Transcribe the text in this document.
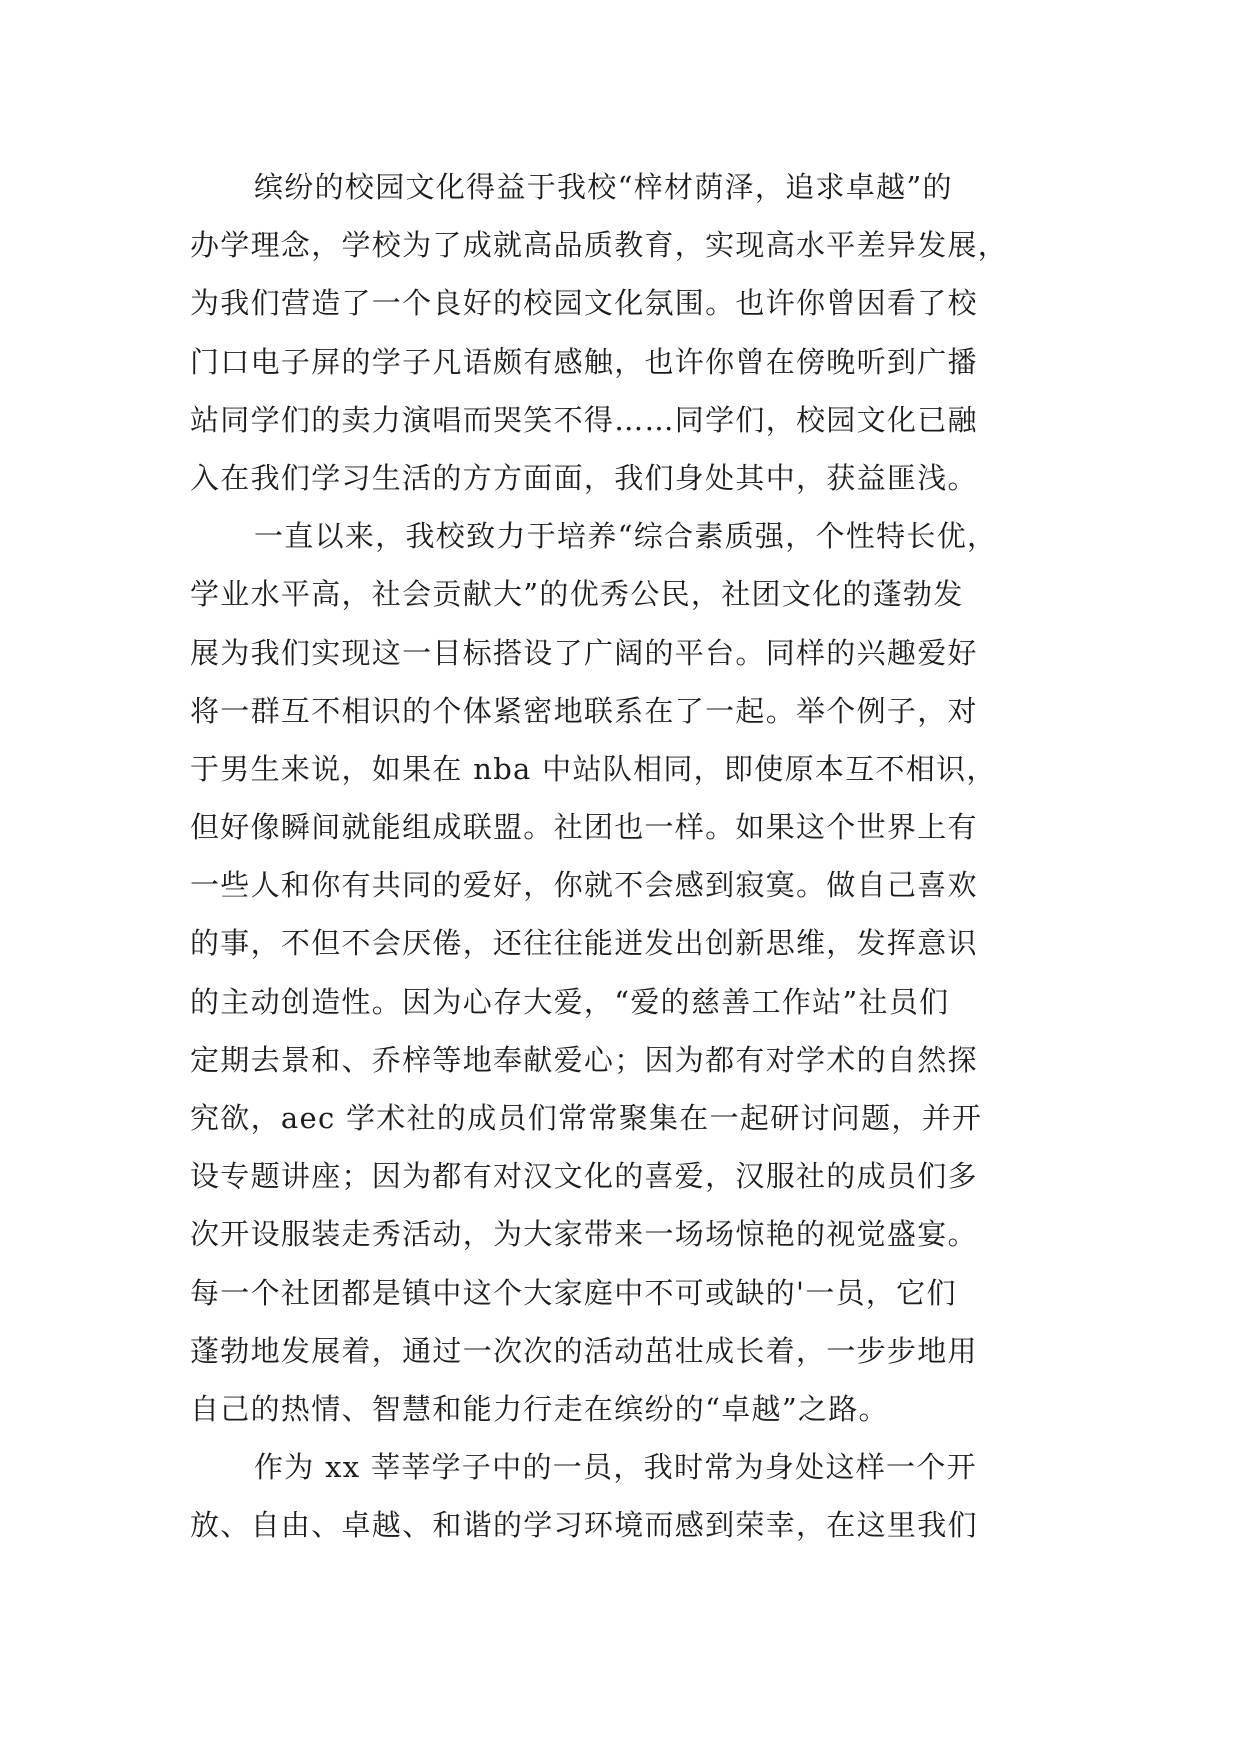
缤纷的校园文化得益于我校“梓材荫泽，追求卓越”的
办学理念，学校为了成就高品质教育，实现高水平差异发展，
为我们营造了一个良好的校园文化氛围。也许你曾因看了校
门口电子屏的学子凡语颇有感触，也许你曾在傍晚听到广播
站同学们的卖力演唱而哭笑不得……同学们，校园文化已融
入在我们学习生活的方方面面，我们身处其中，获益匪浅。
一直以来，我校致力于培养“综合素质强，个性特长优，
学业水平高，社会贡献大”的优秀公民，社团文化的蓬勃发
展为我们实现这一目标搭设了广阔的平台。同样的兴趣爱好
将一群互不相识的个体紧密地联系在了一起。举个例子，对
于男生来说，如果在 nba 中站队相同，即使原本互不相识，
但好像瞬间就能组成联盟。社团也一样。如果这个世界上有
一些人和你有共同的爱好，你就不会感到寂寞。做自己喜欢
的事，不但不会厌倦，还往往能迸发出创新思维，发挥意识
的主动创造性。因为心存大爱，“爱的慈善工作站”社员们
定期去景和、乔梓等地奉献爱心；因为都有对学术的自然探
究欲，aec 学术社的成员们常常聚集在一起研讨问题，并开
设专题讲座；因为都有对汉文化的喜爱，汉服社的成员们多
次开设服装走秀活动，为大家带来一场场惊艳的视觉盛宴。
每一个社团都是镇中这个大家庭中不可或缺的'一员，它们
蓬勃地发展着，通过一次次的活动茁壮成长着，一步步地用
自己的热情、智慧和能力行走在缤纷的“卓越”之路。
作为 xx 莘莘学子中的一员，我时常为身处这样一个开
放、自由、卓越、和谐的学习环境而感到荣幸，在这里我们
